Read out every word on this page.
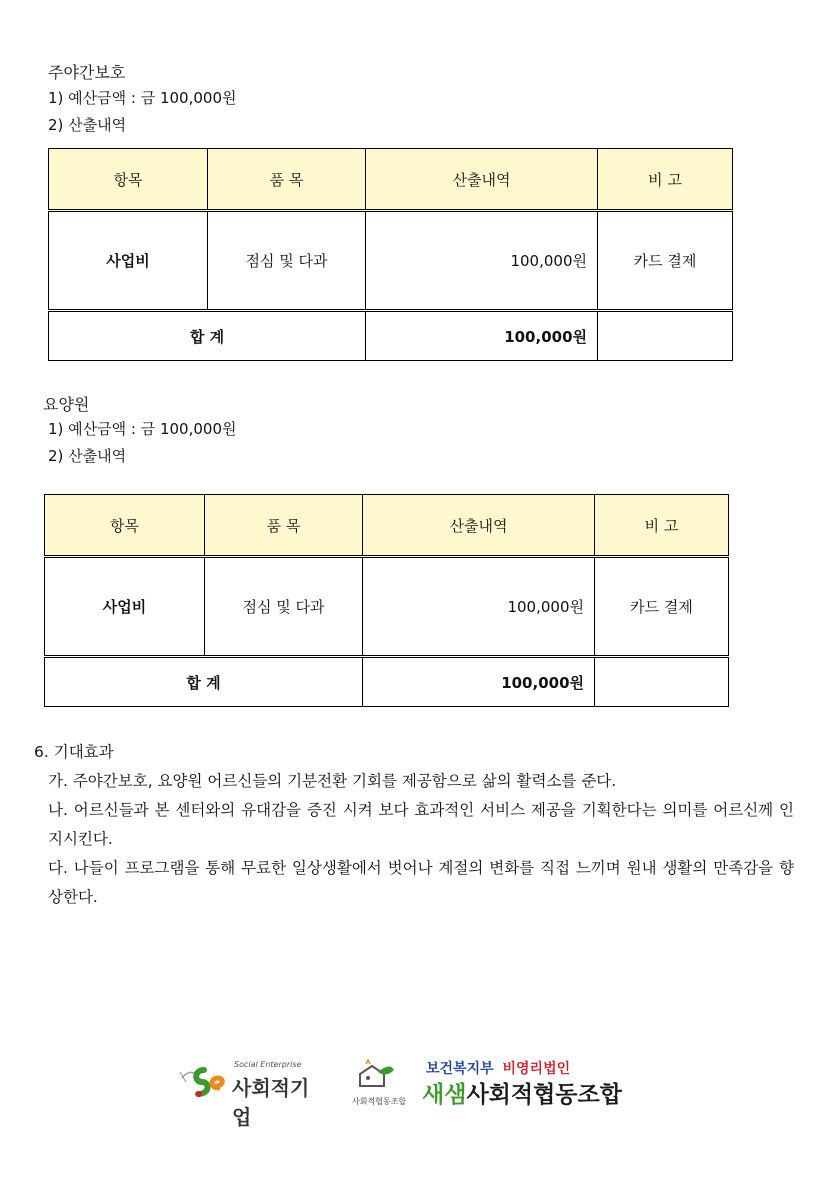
주야간보호
1) 예산금액 : 금 100,000원
2) 산출내역
항목	품 목	산출내역	비 고
사업비	점심 및 다과	100,000원	카드 결제
합 계		100,000원	
요양원
1) 예산금액 : 금 100,000원
2) 산출내역
항목	품 목	산출내역	비 고
사업비	점심 및 다과	100,000원	카드 결제
합 계		100,000원	
6. 기대효과
가. 주야간보호, 요양원 어르신들의 기분전환 기회를 제공함으로 삶의 활력소를 준다.
나. 어르신들과 본 센터와의 유대감을 증진 시켜 보다 효과적인 서비스 제공을 기획한다는 의미를 어르신께 인지시킨다.
다. 나들이 프로그램을 통해 무료한 일상생활에서 벗어나 계절의 변화를 직접 느끼며 원내 생활의 만족감을 향상한다.
Social Enterprise
사회적기업
사회적협동조합
보건복지부 비영리법인
새샘사회적협동조합
